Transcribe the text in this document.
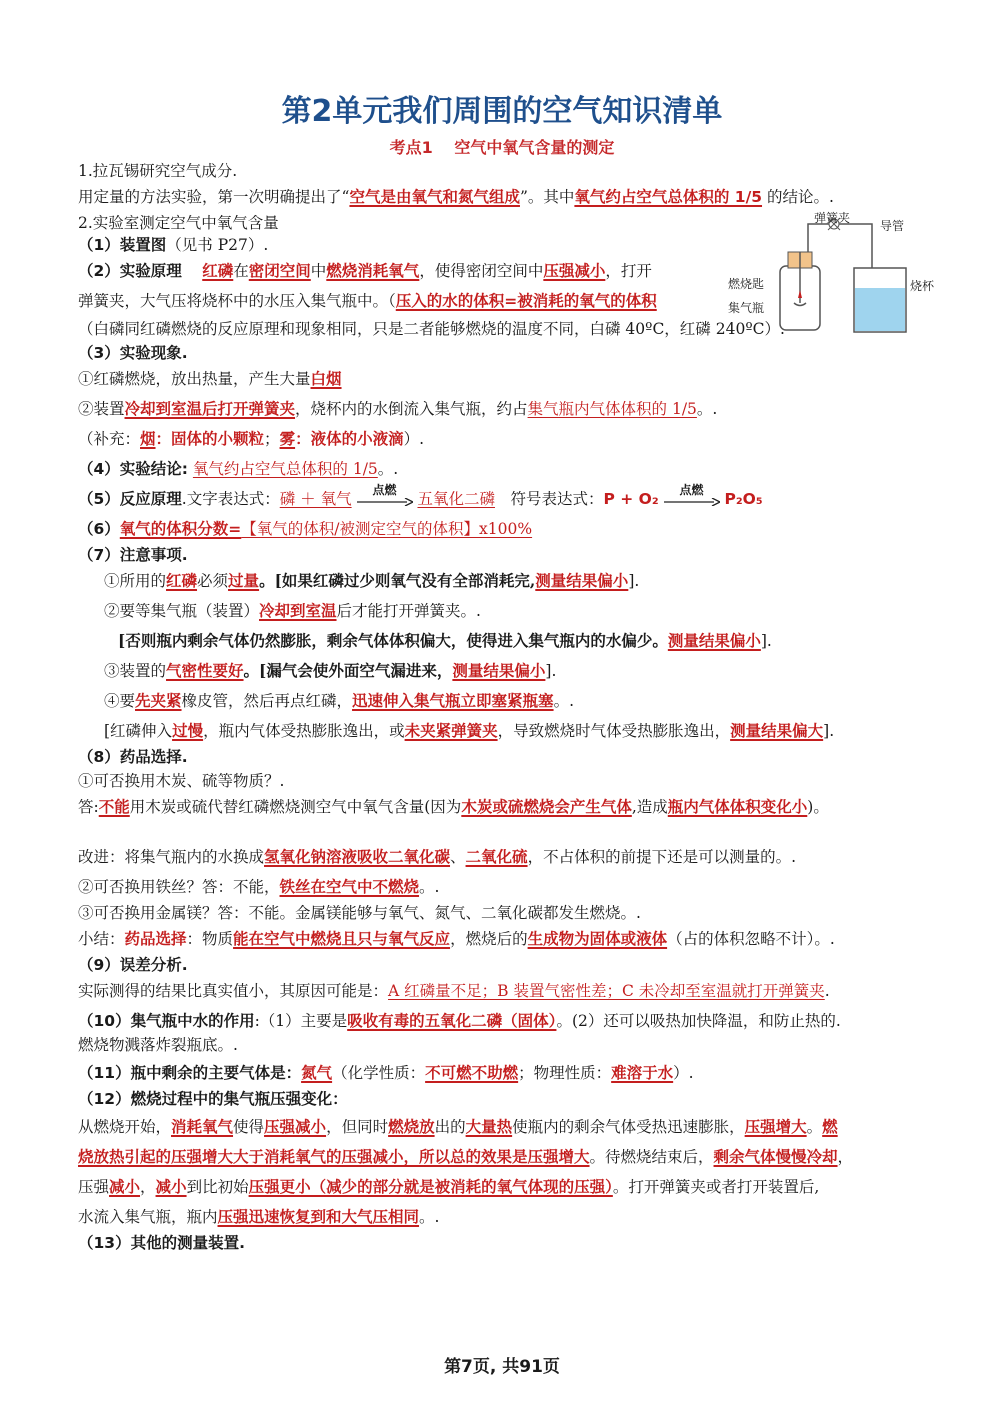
第2单元我们周围的空气知识清单
考点1　 空气中氧气含量的测定
弹簧夹
导管
燃烧匙
集气瓶
烧杯
1.拉瓦锡研究空气成分.
用定量的方法实验，第一次明确提出了“空气是由氧气和氮气组成”。其中氧气约占空气总体积的 1/5 的结论。.
2.实验室测定空气中氧气含量
（1）装置图（见书 P27）.
（2）实验原理　 红磷在密闭空间中燃烧消耗氧气，使得密闭空间中压强减小，打开
弹簧夹，大气压将烧杯中的水压入集气瓶中。（压入的水的体积=被消耗的氧气的体积
（白磷同红磷燃烧的反应原理和现象相同，只是二者能够燃烧的温度不同，白磷 40ºC，红磷 240ºC）.
（3）实验现象.
①红磷燃烧，放出热量，产生大量白烟
②装置冷却到室温后打开弹簧夹，烧杯内的水倒流入集气瓶，约占集气瓶内气体体积的 1/5。.
（补充：烟：固体的小颗粒；雾：液体的小液滴）.
（4）实验结论: 氧气约占空气总体积的 1/5。.
（5）反应原理.文字表达式：磷 ＋ 氧气	点燃	五氧化二磷　 符号表达式：P + O₂	点燃	P₂O₅
（6）氧气的体积分数=【氧气的体积/被测定空气的体积】x100%
（7）注意事项.
①所用的红磷必须过量。[如果红磷过少则氧气没有全部消耗完,测量结果偏小].
②要等集气瓶（装置）冷却到室温后才能打开弹簧夹。.
[否则瓶内剩余气体仍然膨胀，剩余气体体积偏大，使得进入集气瓶内的水偏少。测量结果偏小].
③装置的气密性要好。[漏气会使外面空气漏进来，测量结果偏小].
④要先夹紧橡皮管，然后再点红磷，迅速伸入集气瓶立即塞紧瓶塞。.
[红磷伸入过慢，瓶内气体受热膨胀逸出，或未夹紧弹簧夹，导致燃烧时气体受热膨胀逸出，测量结果偏大].
（8）药品选择.
①可否换用木炭、硫等物质？.
答:不能用木炭或硫代替红磷燃烧测空气中氧气含量(因为木炭或硫燃烧会产生气体,造成瓶内气体体积变化小)。
改进：将集气瓶内的水换成氢氧化钠溶液吸收二氧化碳、二氧化硫，不占体积的前提下还是可以测量的。.
②可否换用铁丝？答：不能，铁丝在空气中不燃烧。.
③可否换用金属镁？答：不能。金属镁能够与氧气、氮气、二氧化碳都发生燃烧。.
小结：药品选择：物质能在空气中燃烧且只与氧气反应，燃烧后的生成物为固体或液体（占的体积忽略不计）。.
（9）误差分析.
实际测得的结果比真实值小，其原因可能是：A 红磷量不足；B 装置气密性差；C 未冷却至室温就打开弹簧夹.
（10）集气瓶中水的作用:（1）主要是吸收有毒的五氧化二磷（固体）。(2）还可以吸热加快降温，和防止热的.
燃烧物溅落炸裂瓶底。.
（11）瓶中剩余的主要气体是：氮气（化学性质：不可燃不助燃；物理性质：难溶于水）.
（12）燃烧过程中的集气瓶压强变化：
从燃烧开始，消耗氧气使得压强减小，但同时燃烧放出的大量热使瓶内的剩余气体受热迅速膨胀，压强增大。燃
烧放热引起的压强增大大于消耗氧气的压强减小，所以总的效果是压强增大。待燃烧结束后，剩余气体慢慢冷却，
压强减小，减小到比初始压强更小（减少的部分就是被消耗的氧气体现的压强）。打开弹簧夹或者打开装置后,
水流入集气瓶，瓶内压强迅速恢复到和大气压相同。.
（13）其他的测量装置.
第7页, 共91页
